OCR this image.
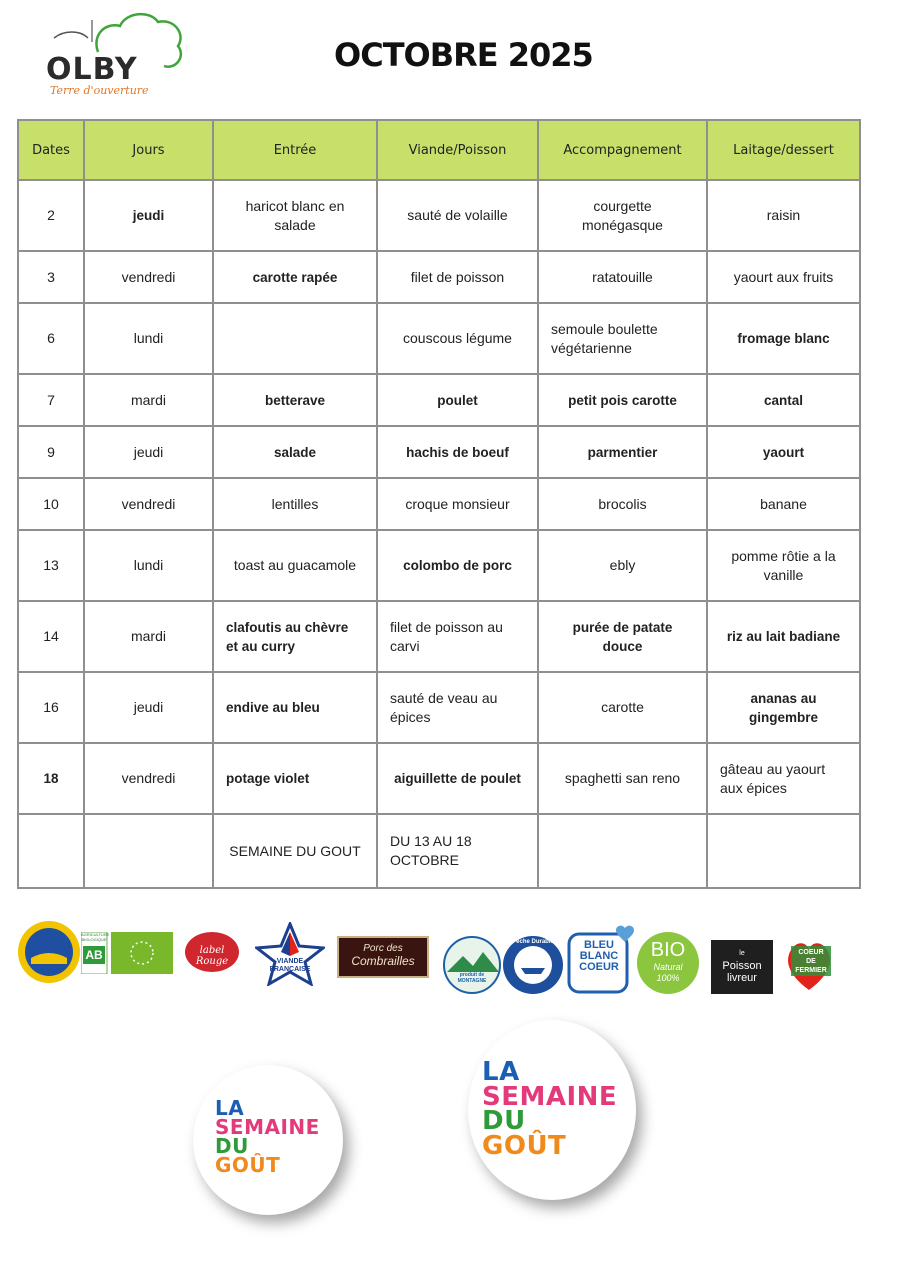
OLBY
Terre d'ouverture
OCTOBRE 2025
Dates	Jours	Entrée	Viande/Poisson	Accompagnement	Laitage/dessert
2	jeudi	haricot blanc en salade	sauté de volaille	courgette monégasque	raisin
3	vendredi	carotte rapée	filet de poisson	ratatouille	yaourt aux fruits
6	lundi		couscous légume	semoule boulette végétarienne	fromage blanc
7	mardi	betterave	poulet	petit pois carotte	cantal
9	jeudi	salade	hachis de boeuf	parmentier	yaourt
10	vendredi	lentilles	croque monsieur	brocolis	banane
13	lundi	toast au guacamole	colombo de porc	ebly	pomme rôtie a la vanille
14	mardi	clafoutis au chèvre et au curry	filet de poisson au carvi	purée de patate douce	riz au lait badiane
16	jeudi	endive au bleu	sauté de veau au épices	carotte	ananas au gingembre
18	vendredi	potage violet	aiguillette de poulet	spaghetti san reno	gâteau au yaourt aux épices
		SEMAINE DU GOUT	DU 13 AU 18 OCTOBRE		
AGRICULTURE BIOLOGIQUE
AB	label Rouge	VIANDE
FRANÇAISE
Porc des
Combrailles
produit de
MONTAGNE
Pêche Durable	BLEU
BLANC
COEUR
BIO
Natural
100%
le
Poisson
livreur
COEUR
DE
FERMIER
LA
SEMAINE
DU
GOÛT
LA
SEMAINE
DU
GOÛT
